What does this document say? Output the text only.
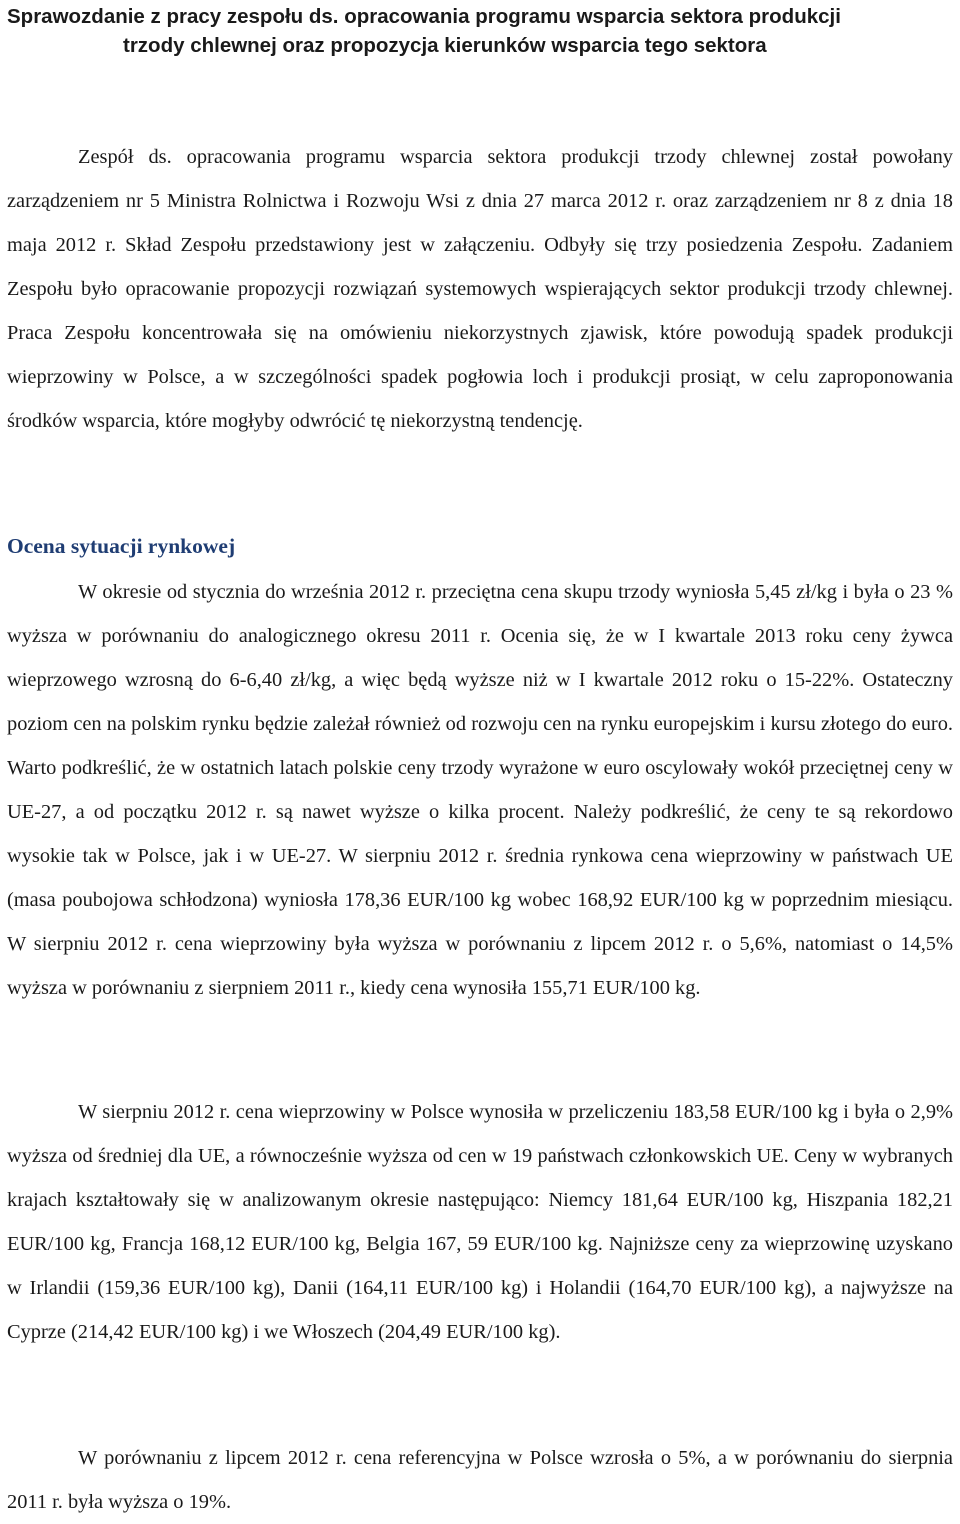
Sprawozdanie z pracy zespołu ds. opracowania programu wsparcia sektora produkcji
trzody chlewnej oraz propozycja kierunków wsparcia tego sektora

Zespół ds. opracowania programu wsparcia sektora produkcji trzody chlewnej został powołany zarządzeniem nr 5 Ministra Rolnictwa i Rozwoju Wsi z dnia 27 marca 2012 r. oraz zarządzeniem nr 8 z dnia 18 maja 2012 r. Skład Zespołu przedstawiony jest w załączeniu. Odbyły się trzy posiedzenia Zespołu. Zadaniem Zespołu było opracowanie propozycji rozwiązań systemowych wspierających sektor produkcji trzody chlewnej. Praca Zespołu koncentrowała się na omówieniu niekorzystnych zjawisk, które powodują spadek produkcji wieprzowiny w Polsce, a w szczególności spadek pogłowia loch i produkcji prosiąt, w celu zaproponowania środków wsparcia, które mogłyby odwrócić tę niekorzystną tendencję.

Ocena sytuacji rynkowej

W okresie od stycznia do września 2012 r. przeciętna cena skupu trzody wyniosła 5,45 zł/kg i była o 23 % wyższa w porównaniu do analogicznego okresu 2011 r. Ocenia się, że w I kwartale 2013 roku ceny żywca wieprzowego wzrosną do 6-6,40 zł/kg, a więc będą wyższe niż w I kwartale 2012 roku o 15-22%. Ostateczny poziom cen na polskim rynku będzie zależał również od rozwoju cen na rynku europejskim i kursu złotego do euro. Warto podkreślić, że w ostatnich latach polskie ceny trzody wyrażone w euro oscylowały wokół przeciętnej ceny w UE-27, a od początku 2012 r. są nawet wyższe o kilka procent. Należy podkreślić, że ceny te są rekordowo wysokie tak w Polsce, jak i w UE-27. W sierpniu 2012 r. średnia rynkowa cena wieprzowiny w państwach UE (masa poubojowa schłodzona) wyniosła 178,36 EUR/100 kg wobec 168,92 EUR/100 kg w poprzednim miesiącu. W sierpniu 2012 r. cena wieprzowiny była wyższa w porównaniu z lipcem 2012 r. o 5,6%, natomiast o 14,5% wyższa w porównaniu z sierpniem 2011 r., kiedy cena wynosiła 155,71 EUR/100 kg.

W sierpniu 2012 r. cena wieprzowiny w Polsce wynosiła w przeliczeniu 183,58 EUR/100 kg i była o 2,9% wyższa od średniej dla UE, a równocześnie wyższa od cen w 19 państwach członkowskich UE. Ceny w wybranych krajach kształtowały się w analizowanym okresie następująco: Niemcy 181,64 EUR/100 kg, Hiszpania 182,21 EUR/100 kg, Francja 168,12 EUR/100 kg, Belgia 167, 59 EUR/100 kg. Najniższe ceny za wieprzowinę uzyskano w Irlandii (159,36 EUR/100 kg), Danii (164,11 EUR/100 kg) i Holandii (164,70 EUR/100 kg), a najwyższe na Cyprze (214,42 EUR/100 kg) i we Włoszech (204,49 EUR/100 kg).

W porównaniu z lipcem 2012 r. cena referencyjna w Polsce wzrosła o 5%, a w porównaniu do sierpnia 2011 r. była wyższa o 19%.
